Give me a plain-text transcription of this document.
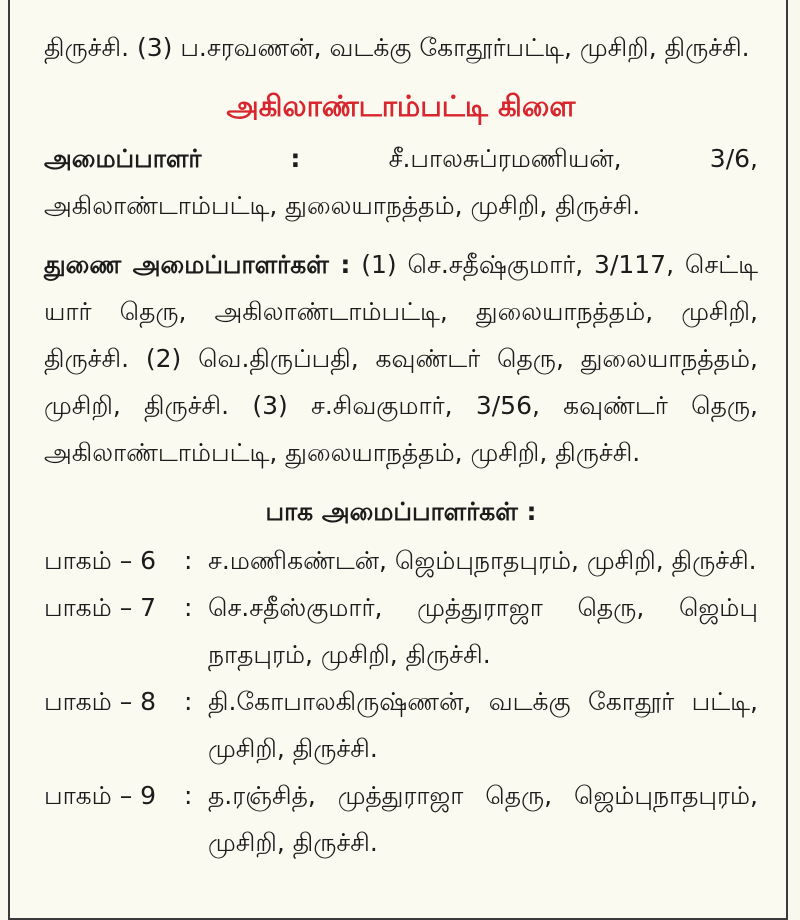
திருச்சி. (3) ப.சரவணன், வடக்கு கோதூர்பட்டி, முசிறி, திருச்சி.

அகிலாண்டாம்பட்டி கிளை

அமைப்பாளர் : சீ.பாலசுப்ரமணியன், 3/6, அகிலாண்டாம்பட்டி, துலையாநத்தம், முசிறி, திருச்சி.

துணை அமைப்பாளர்கள் : (1) செ.சதீஷ்குமார், 3/117, செட்டி யார் தெரு, அகிலாண்டாம்பட்டி, துலையாநத்தம், முசிறி, திருச்சி. (2) வெ.திருப்பதி, கவுண்டர் தெரு, துலையாநத்தம், முசிறி, திருச்சி. (3) ச.சிவகுமார், 3/56, கவுண்டர் தெரு, அகிலாண்டாம்பட்டி, துலையாநத்தம், முசிறி, திருச்சி.

பாக அமைப்பாளர்கள் :
பாகம் – 6	: ச.மணிகண்டன், ஜெம்புநாதபுரம், முசிறி, திருச்சி.
பாகம் – 7	: செ.சதீஸ்குமார், முத்துராஜா தெரு, ஜெம்பு நாதபுரம், முசிறி, திருச்சி.
பாகம் – 8	: தி.கோபாலகிருஷ்ணன், வடக்கு கோதூர் பட்டி, முசிறி, திருச்சி.
பாகம் – 9	: த.ரஞ்சித், முத்துராஜா தெரு, ஜெம்புநாதபுரம், முசிறி, திருச்சி.
